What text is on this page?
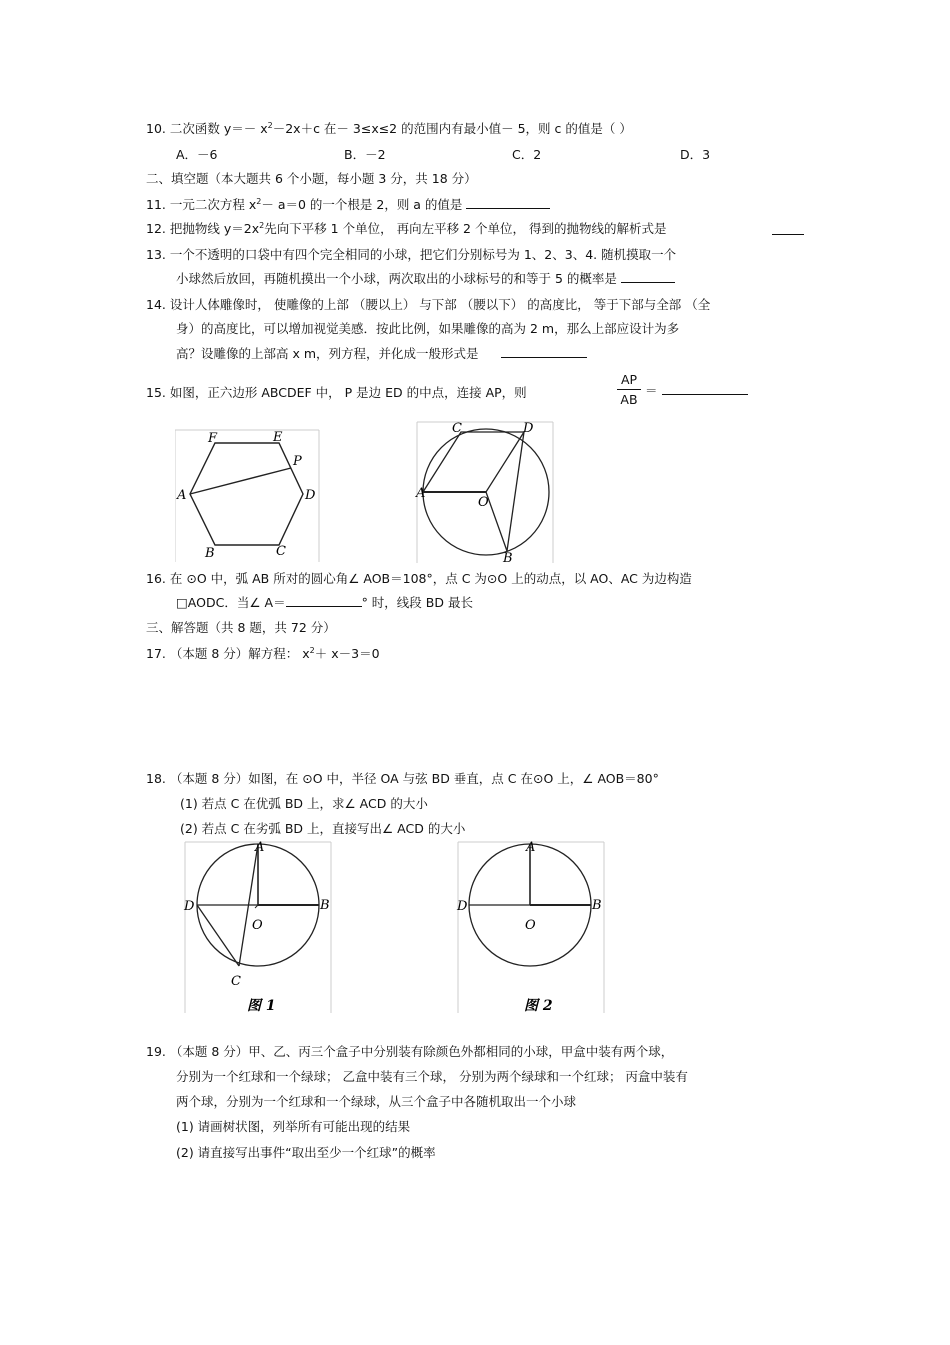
10. 二次函数 $y=- x^2-2x+c$ 在－ 3≤x≤2 的范围内有最小值－ 5，则 c 的值是（ ）
A．－6	B．－2	C．2	D．3
二、填空题（本大题共 6 个小题，每小题 3 分，共 18 分）
11. 一元二次方程 $x^2- a=0$ 的一个根是 2，则 a 的值是
12. 把抛物线 $y=2x^2$先向下平移 1 个单位， 再向左平移 2 个单位， 得到的抛物线的解析式是
13. 一个不透明的口袋中有四个完全相同的小球，把它们分别标号为 1、2、3、4. 随机摸取一个
小球然后放回，再随机摸出一个小球，两次取出的小球标号的和等于 5 的概率是
14. 设计人体雕像时， 使雕像的上部 （腰以上） 与下部 （腰以下） 的高度比， 等于下部与全部 （全
身）的高度比，可以增加视觉美感．按此比例，如果雕像的高为 2 m，那么上部应设计为多
高？设雕像的上部高 x m，列方程，并化成一般形式是
15. 如图，正六边形 ABCDEF 中， P 是边 ED 的中点，连接 AP，则
AP
AB
＝
F	E
P
A	D
B	C
C	D
A
O
B
16. 在 ⊙O 中，弧 AB 所对的圆心角∠ AOB＝108°，点 C 为⊙O 上的动点，以 AO、AC 为边构造
□AODC．当∠ A＝	° 时，线段 BD 最长
三、解答题（共 8 题，共 72 分）
17. （本题 8 分）解方程： $x^2+ x-3=0$
18. （本题 8 分）如图，在 ⊙O 中，半径 OA 与弦 BD 垂直，点 C 在⊙O 上，∠ AOB＝80°
(1) 若点 C 在优弧 BD 上，求∠ ACD 的大小
(2) 若点 C 在劣弧 BD 上，直接写出∠ ACD 的大小
A
D	B
O
C
图 1
A
D	B
O
图 2
19. （本题 8 分）甲、乙、丙三个盒子中分别装有除颜色外都相同的小球，甲盒中装有两个球，
分别为一个红球和一个绿球； 乙盒中装有三个球， 分别为两个绿球和一个红球； 丙盒中装有
两个球，分别为一个红球和一个绿球，从三个盒子中各随机取出一个小球
(1) 请画树状图，列举所有可能出现的结果
(2) 请直接写出事件“取出至少一个红球”的概率
